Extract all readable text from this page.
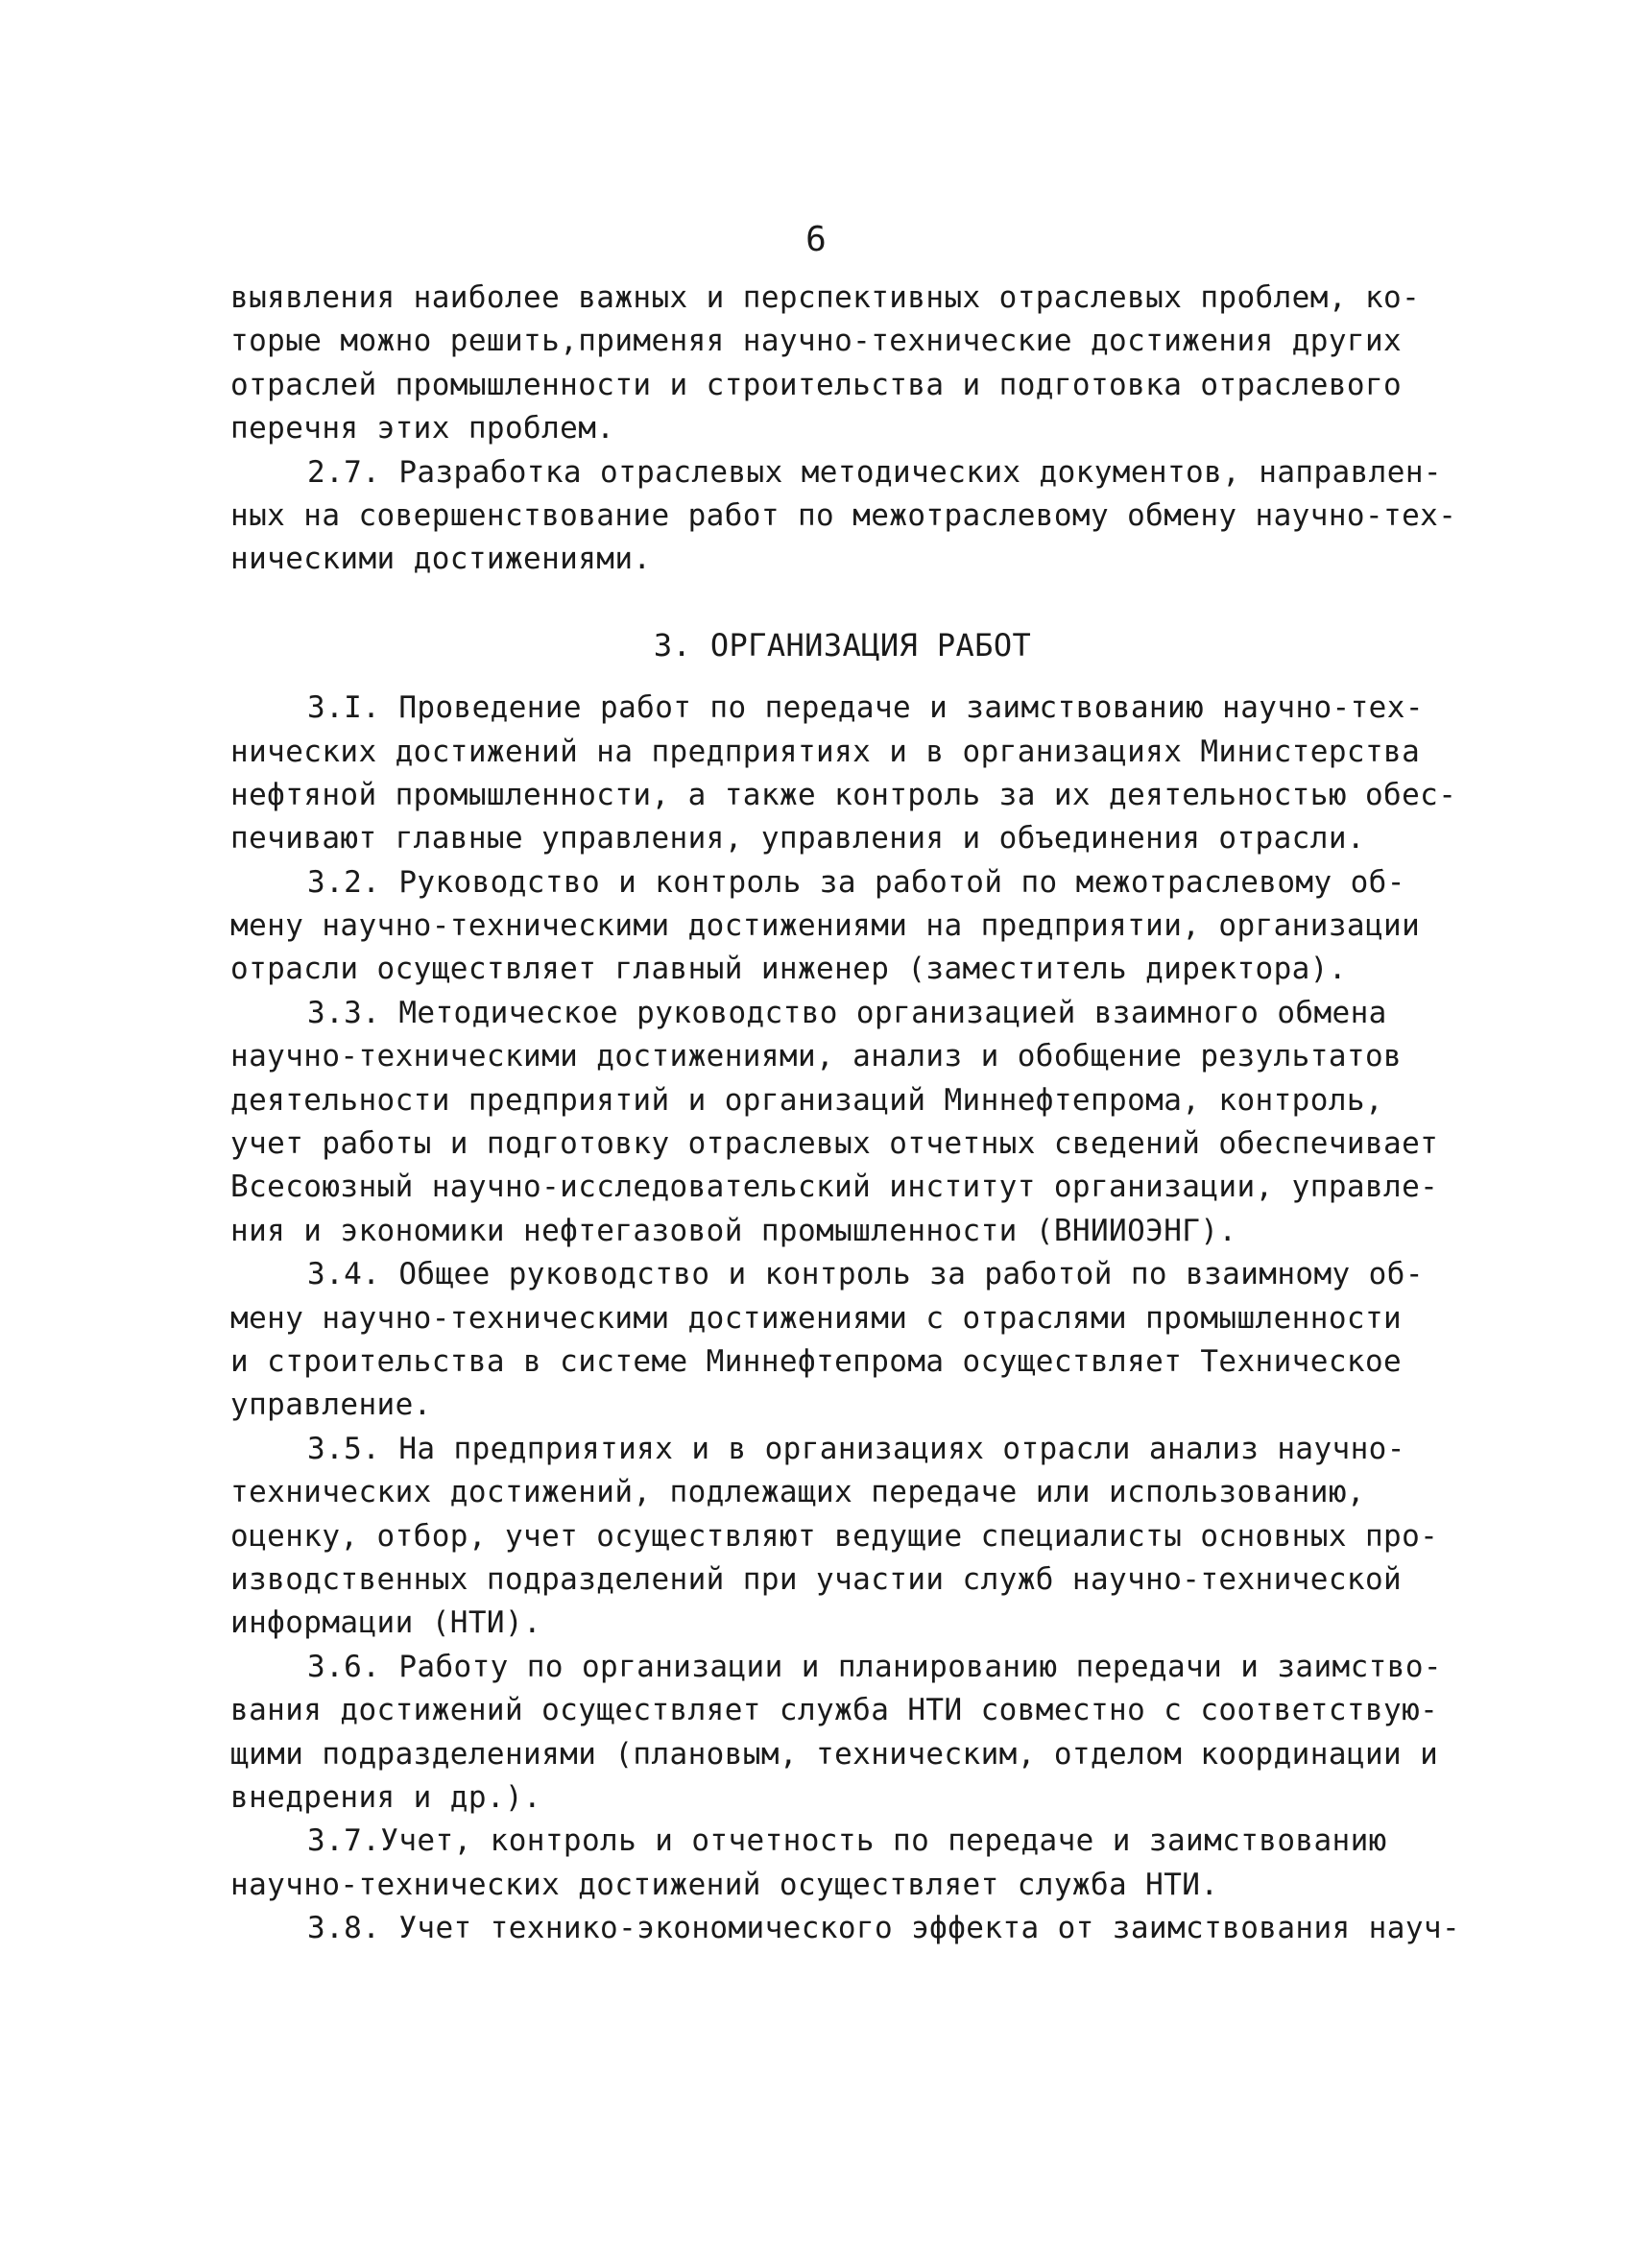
6
выявления наиболее важных и перспективных отраслевых проблем, ко-
торые можно решить,применяя научно-технические достижения других
отраслей промышленности и строительства и подготовка отраслевого
перечня этих проблем.
2.7. Разработка отраслевых методических документов, направлен-
ных на совершенствование работ по межотраслевому обмену научно-тех-
ническими достижениями.
3. ОРГАНИЗАЦИЯ РАБОТ
3.I. Проведение работ по передаче и заимствованию научно-тех-
нических достижений на предприятиях и в организациях Министерства
нефтяной промышленности, а также контроль за их деятельностью обес-
печивают главные управления, управления и объединения отрасли.
3.2. Руководство и контроль за работой по межотраслевому об-
мену научно-техническими достижениями на предприятии, организации
отрасли осуществляет главный инженер (заместитель директора).
3.3. Методическое руководство организацией взаимного обмена
научно-техническими достижениями, анализ и обобщение результатов
деятельности предприятий и организаций Миннефтепрома, контроль,
учет работы и подготовку отраслевых отчетных сведений обеспечивает
Всесоюзный научно-исследовательский институт организации, управле-
ния и экономики нефтегазовой промышленности (ВНИИОЭНГ).
3.4. Общее руководство и контроль за работой по взаимному об-
мену научно-техническими достижениями с отраслями промышленности
и строительства в системе Миннефтепрома осуществляет Техническое
управление.
3.5. На предприятиях и в организациях отрасли анализ научно-
технических достижений, подлежащих передаче или использованию,
оценку, отбор, учет осуществляют ведущие специалисты основных про-
изводственных подразделений при участии служб научно-технической
информации (НТИ).
3.6. Работу по организации и планированию передачи и заимство-
вания достижений осуществляет служба НТИ совместно с соответствую-
щими подразделениями (плановым, техническим, отделом координации и
внедрения и др.).
3.7.Учет, контроль и отчетность по передаче и заимствованию
научно-технических достижений осуществляет служба НТИ.
3.8. Учет технико-экономического эффекта от заимствования науч-
